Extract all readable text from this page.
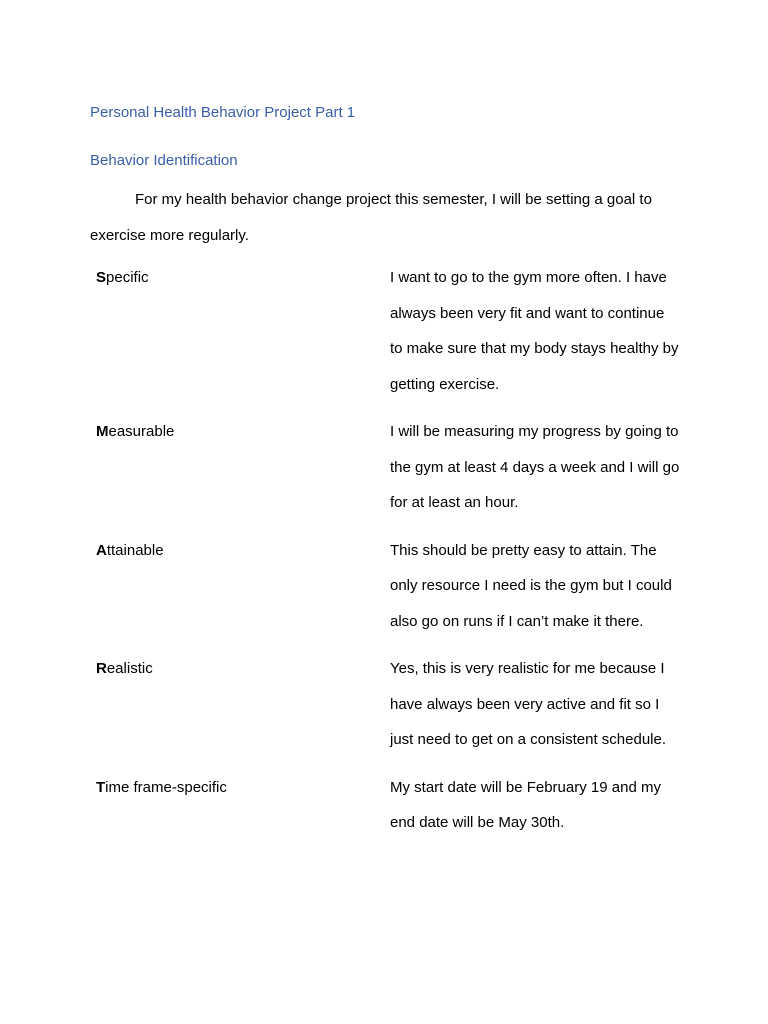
Personal Health Behavior Project Part 1
Behavior Identification
For my health behavior change project this semester, I will be setting a goal to exercise more regularly.
Specific	I want to go to the gym more often. I have always been very fit and want to continue to make sure that my body stays healthy by getting exercise.
Measurable	I will be measuring my progress by going to the gym at least 4 days a week and I will go for at least an hour.
Attainable	This should be pretty easy to attain. The only resource I need is the gym but I could also go on runs if I can’t make it there.
Realistic	Yes, this is very realistic for me because I have always been very active and fit so I just need to get on a consistent schedule.
Time frame-specific	My start date will be February 19 and my end date will be May 30th.
